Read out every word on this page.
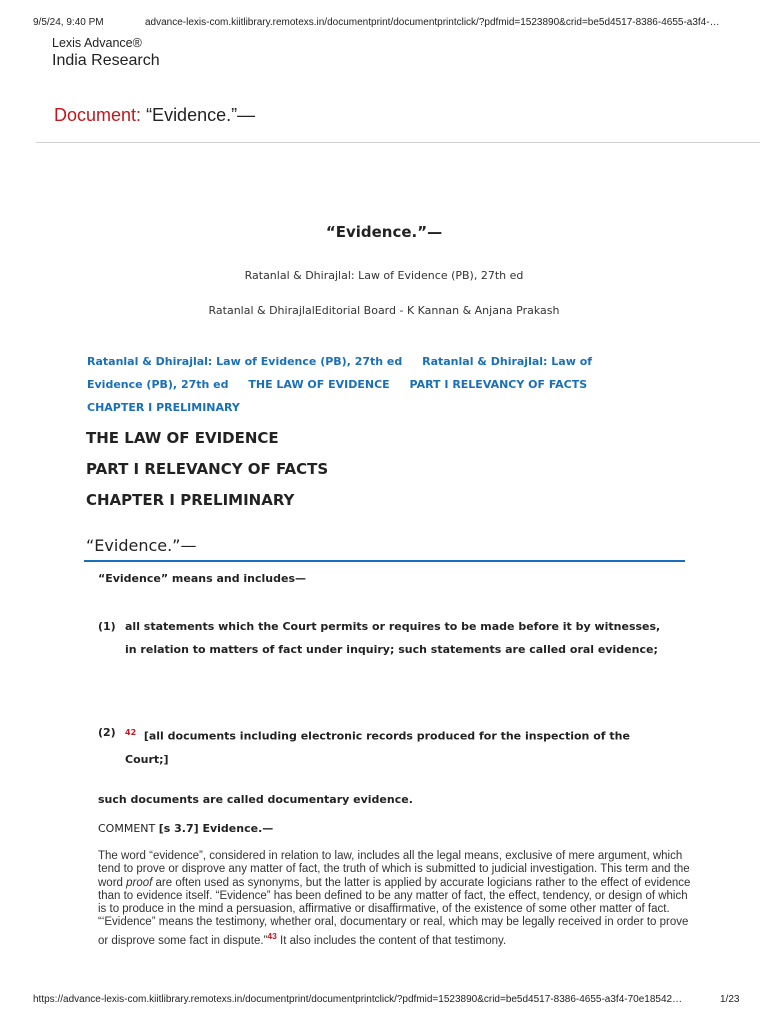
9/5/24, 9:40 PM	advance-lexis-com.kiitlibrary.remotexs.in/documentprint/documentprintclick/?pdfmid=1523890&crid=be5d4517-8386-4655-a3f4-…
Lexis Advance®
India Research
Document: “Evidence.”—
“Evidence.”—
Ratanlal & Dhirajlal: Law of Evidence (PB), 27th ed
Ratanlal & DhirajlalEditorial Board - K Kannan & Anjana Prakash
Ratanlal & Dhirajlal: Law of Evidence (PB), 27th ed Ratanlal & Dhirajlal: Law of Evidence (PB), 27th ed THE LAW OF EVIDENCE PART I RELEVANCY OF FACTS CHAPTER I PRELIMINARY
THE LAW OF EVIDENCE
PART I RELEVANCY OF FACTS
CHAPTER I PRELIMINARY
“Evidence.”—
“Evidence” means and includes—
(1) all statements which the Court permits or requires to be made before it by witnesses, in relation to matters of fact under inquiry; such statements are called oral evidence;
(2) $^{42}$ [all documents including electronic records produced for the inspection of the Court;]
such documents are called documentary evidence.
COMMENT [s 3.7] Evidence.—
The word “evidence”, considered in relation to law, includes all the legal means, exclusive of mere argument, which tend to prove or disprove any matter of fact, the truth of which is submitted to judicial investigation. This term and the word proof are often used as synonyms, but the latter is applied by accurate logicians rather to the effect of evidence than to evidence itself. “Evidence” has been defined to be any matter of fact, the effect, tendency, or design of which is to produce in the mind a persuasion, affirmative or disaffirmative, of the existence of some other matter of fact. “‘Evidence” means the testimony, whether oral, documentary or real, which may be legally received in order to prove or disprove some fact in dispute.”$^{43}$ It also includes the content of that testimony.
https://advance-lexis-com.kiitlibrary.remotexs.in/documentprint/documentprintclick/?pdfmid=1523890&crid=be5d4517-8386-4655-a3f4-70e18542…	1/23
